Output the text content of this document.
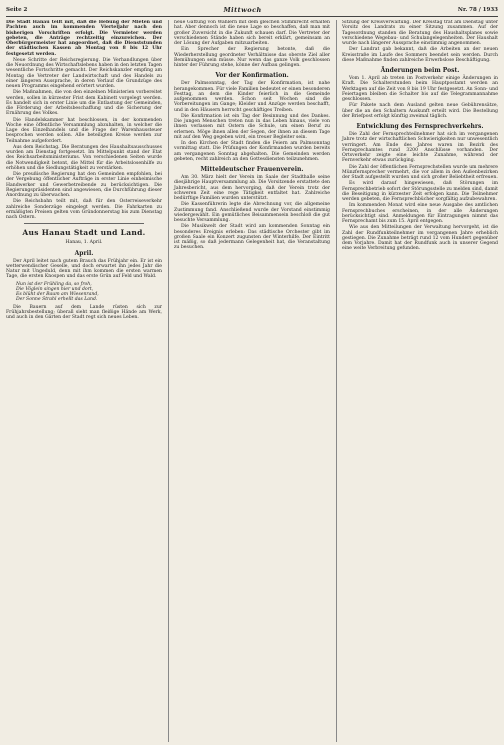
Seite 2	Mittwoch	Nr. 78 / 1933

Die Stadt Hanau teilt mit, daß die Hebung der Mieten und Pachten auch im kommenden Vierteljahr nach den bisherigen Vorschriften erfolgt. Die Vermieter werden gebeten, die Anträge rechtzeitig einzureichen. Der Oberbürgermeister hat angeordnet, daß die Dienststunden der städtischen Kassen ab Montag von 8 bis 12 Uhr festgesetzt werden.

Neue Schritte der Reichsregierung. Die Verhandlungen über die Neuordnung des Wirtschaftslebens haben in den letzten Tagen wesentliche Fortschritte gemacht. Der Reichskanzler empfing am Montag die Vertreter der Landwirtschaft und des Handels zu einer längeren Aussprache, in deren Verlauf die Grundzüge des neuen Programms eingehend erörtert wurden.

Die Maßnahmen, die von den einzelnen Ministerien vorbereitet werden, sollen in kürzester Frist dem Kabinett vorgelegt werden. Es handelt sich in erster Linie um die Entlastung der Gemeinden, die Förderung der Arbeitsbeschaffung und die Sicherung der Ernährung des Volkes.

Die Handelskammer hat beschlossen, in der kommenden Woche eine öffentliche Versammlung abzuhalten, in welcher die Lage des Einzelhandels und die Frage der Warenhaussteuer besprochen werden sollen. Alle beteiligten Kreise werden zur Teilnahme aufgefordert.

Aus dem Reichstag. Die Beratungen des Haushaltsausschusses wurden am Dienstag fortgesetzt. Im Mittelpunkt stand der Etat des Reichsarbeitsministeriums. Von verschiedenen Seiten wurde die Notwendigkeit betont, die Mittel für die Arbeitslosenhilfe zu erhöhen und die Siedlungstätigkeit zu verstärken.

Die preußische Regierung hat den Gemeinden empfohlen, bei der Vergebung öffentlicher Aufträge in erster Linie einheimische Handwerker und Gewerbetreibende zu berücksichtigen. Die Regierungspräsidenten sind angewiesen, die Durchführung dieser Anordnung zu überwachen.

Die Reichsbahn teilt mit, daß für den Osterreiseverkehr zahlreiche Sonderzüge eingelegt werden. Die Fahrkarten zu ermäßigten Preisen gelten vom Gründonnerstag bis zum Dienstag nach Ostern.

Aus Hanau Stadt und Land.
Hanau, 1. April.
April.

Der April leitet nach gutem Brauch das Frühjahr ein. Er ist ein wetterwendischer Geselle, und doch erwartet ihn jedes Jahr die Natur mit Ungeduld, denn mit ihm kommen die ersten warmen Tage, die ersten Knospen und das erste Grün auf Feld und Wald.

Nun ist der Frühling da, so froh,
Die Vöglein singen hier und dort,
Es blüht der Baum am Wiesenrand,
Der Sonne Strahl erhellt das Land.

Die Bauern auf dem Lande rüsten sich zur Frühjahrsbestellung; überall sieht man fleißige Hände am Werk, und auch in den Gärten der Stadt regt sich neues Leben.

neue Gattung von Wählern mit dem gleichen Stimmrecht erhalten hat. Aber dennoch ist die neue Lage so beschaffen, daß man mit großer Zuversicht in die Zukunft schauen darf. Die Vertreter der verschiedenen Stände haben sich bereit erklärt, gemeinsam an der Lösung der Aufgaben mitzuarbeiten.

Ein Sprecher der Regierung betonte, daß die Wiederherstellung geordneter Verhältnisse das oberste Ziel aller Bemühungen sein müsse. Nur wenn das ganze Volk geschlossen hinter der Führung stehe, könne der Aufbau gelingen.

Vor der Konfirmation.

Der Palmsonntag, der Tag der Konfirmation, ist nahe herangekommen. Für viele Familien bedeutet er einen besonderen Festtag, an dem die Kinder feierlich in die Gemeinde aufgenommen werden. Schon seit Wochen sind die Vorbereitungen im Gange; Kleider und Anzüge werden beschafft, und in den Häusern herrscht geschäftiges Treiben.

Die Konfirmation ist ein Tag der Besinnung und des Dankes. Die jungen Menschen treten nun in das Leben hinaus, viele von ihnen verlassen mit Ostern die Schule, um einen Beruf zu erlernen. Möge ihnen allen der Segen, der ihnen an diesem Tage mit auf den Weg gegeben wird, ein treuer Begleiter sein.

In den Kirchen der Stadt finden die Feiern am Palmsonntag vormittag statt. Die Prüfungen der Konfirmanden wurden bereits am vergangenen Sonntag abgehalten. Die Gemeinden werden gebeten, recht zahlreich an den Gottesdiensten teilzunehmen.

Mitteldeutscher Frauenverein.

Am 30. März hielt der Verein im Saale der Stadthalle seine diesjährige Hauptversammlung ab. Die Vorsitzende erstattete den Jahresbericht, aus dem hervorging, daß der Verein trotz der schweren Zeit eine rege Tätigkeit entfaltet hat. Zahlreiche bedürftige Familien wurden unterstützt.

Die Kassenführerin legte die Abrechnung vor, die allgemeine Zustimmung fand. Anschließend wurde der Vorstand einstimmig wiedergewählt. Ein gemütliches Beisammensein beschloß die gut besuchte Versammlung.

Die Musikwelt der Stadt wird am kommenden Sonntag ein besonderes Ereignis erleben: Das städtische Orchester gibt im großen Saale ein Konzert zugunsten der Winterhilfe. Der Eintritt ist mäßig, so daß jedermann Gelegenheit hat, die Veranstaltung zu besuchen.

Sitzung der Kreisverwaltung. Der Kreistag trat am Dienstag unter Vorsitz des Landrats zu einer Sitzung zusammen. Auf der Tagesordnung standen die Beratung des Haushaltsplanes sowie verschiedene Wegebau- und Schulangelegenheiten. Der Haushalt wurde nach längerer Aussprache einstimmig angenommen.

Der Landrat gab bekannt, daß die Arbeiten an der neuen Kreisstraße im Laufe des Sommers beendet sein werden. Durch diese Maßnahme finden zahlreiche Erwerbslose Beschäftigung.

Änderungen beim Post.

Vom 1. April ab treten im Postverkehr einige Änderungen in Kraft. Die Schalterstunden beim Hauptpostamt werden an Werktagen auf die Zeit von 8 bis 19 Uhr festgesetzt. An Sonn- und Feiertagen bleiben die Schalter bis auf die Telegrammannahme geschlossen.

Für Pakete nach dem Ausland gelten neue Gebührensätze, über die an den Schaltern Auskunft erteilt wird. Die Bestellung der Briefpost erfolgt künftig zweimal täglich.

Entwicklung des Fernsprechverkehrs.

Die Zahl der Fernsprechteilnehmer hat sich im vergangenen Jahre trotz der wirtschaftlichen Schwierigkeiten nur unwesentlich verringert. Am Ende des Jahres waren im Bezirk des Fernsprechamtes rund 3200 Anschlüsse vorhanden. Der Ortsverkehr zeigte eine leichte Zunahme, während der Fernverkehr etwas zurückging.

Die Zahl der öffentlichen Fernsprechstellen wurde um mehrere Münzfernsprecher vermehrt, die vor allem in den Außenbezirken der Stadt aufgestellt wurden und sich großer Beliebtheit erfreuen.

Es wird darauf hingewiesen, daß Störungen im Fernsprechbetrieb sofort der Störungsstelle zu melden sind, damit die Beseitigung in kürzester Zeit erfolgen kann. Die Teilnehmer werden gebeten, die Fernsprechbücher sorgfältig aufzubewahren.

Im kommenden Monat wird eine neue Ausgabe des amtlichen Fernsprechbuches erscheinen, in der alle Änderungen berücksichtigt sind. Anmeldungen für Eintragungen nimmt das Fernsprechamt bis zum 15. April entgegen.

Wie aus den Mitteilungen der Verwaltung hervorgeht, ist die Zahl der Rundfunkteilnehmer im vergangenen Jahre erheblich gestiegen. Die Zunahme beträgt rund 12 vom Hundert gegenüber dem Vorjahre. Damit hat der Rundfunk auch in unserer Gegend eine weite Verbreitung gefunden.
